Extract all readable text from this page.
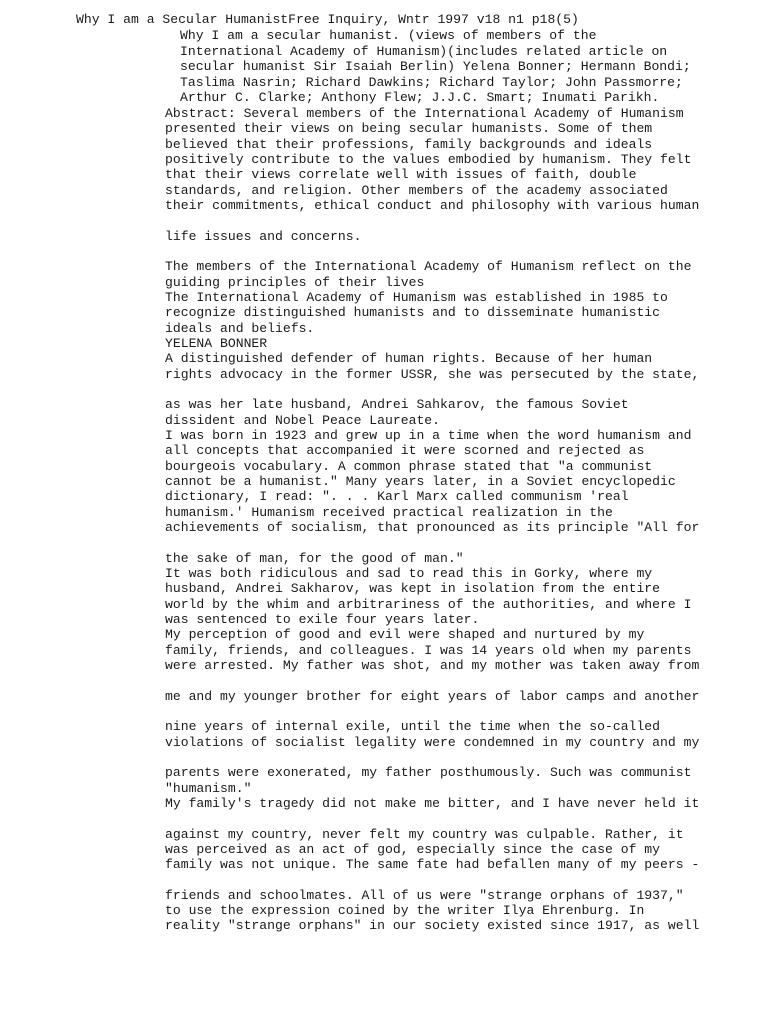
Why I am a Secular HumanistFree Inquiry, Wntr 1997 v18 n1 p18(5)
Why I am a secular humanist. (views of members of the
International Academy of Humanism)(includes related article on
secular humanist Sir Isaiah Berlin) Yelena Bonner; Hermann Bondi;
Taslima Nasrin; Richard Dawkins; Richard Taylor; John Passmorre;
Arthur C. Clarke; Anthony Flew; J.J.C. Smart; Inumati Parikh.
Abstract: Several members of the International Academy of Humanism
presented their views on being secular humanists. Some of them
believed that their professions, family backgrounds and ideals
positively contribute to the values embodied by humanism. They felt
that their views correlate well with issues of faith, double
standards, and religion. Other members of the academy associated
their commitments, ethical conduct and philosophy with various human
life issues and concerns.
The members of the International Academy of Humanism reflect on the
guiding principles of their lives
The International Academy of Humanism was established in 1985 to
recognize distinguished humanists and to disseminate humanistic
ideals and beliefs.
YELENA BONNER
A distinguished defender of human rights. Because of her human
rights advocacy in the former USSR, she was persecuted by the state,
as was her late husband, Andrei Sahkarov, the famous Soviet
dissident and Nobel Peace Laureate.
I was born in 1923 and grew up in a time when the word humanism and
all concepts that accompanied it were scorned and rejected as
bourgeois vocabulary. A common phrase stated that "a communist
cannot be a humanist." Many years later, in a Soviet encyclopedic
dictionary, I read: ". . . Karl Marx called communism 'real
humanism.' Humanism received practical realization in the
achievements of socialism, that pronounced as its principle "All for
the sake of man, for the good of man."
It was both ridiculous and sad to read this in Gorky, where my
husband, Andrei Sakharov, was kept in isolation from the entire
world by the whim and arbitrariness of the authorities, and where I
was sentenced to exile four years later.
My perception of good and evil were shaped and nurtured by my
family, friends, and colleagues. I was 14 years old when my parents
were arrested. My father was shot, and my mother was taken away from
me and my younger brother for eight years of labor camps and another
nine years of internal exile, until the time when the so-called
violations of socialist legality were condemned in my country and my
parents were exonerated, my father posthumously. Such was communist
"humanism."
My family's tragedy did not make me bitter, and I have never held it
against my country, never felt my country was culpable. Rather, it
was perceived as an act of god, especially since the case of my
family was not unique. The same fate had befallen many of my peers -
friends and schoolmates. All of us were "strange orphans of 1937,"
to use the expression coined by the writer Ilya Ehrenburg. In
reality "strange orphans" in our society existed since 1917, as well
